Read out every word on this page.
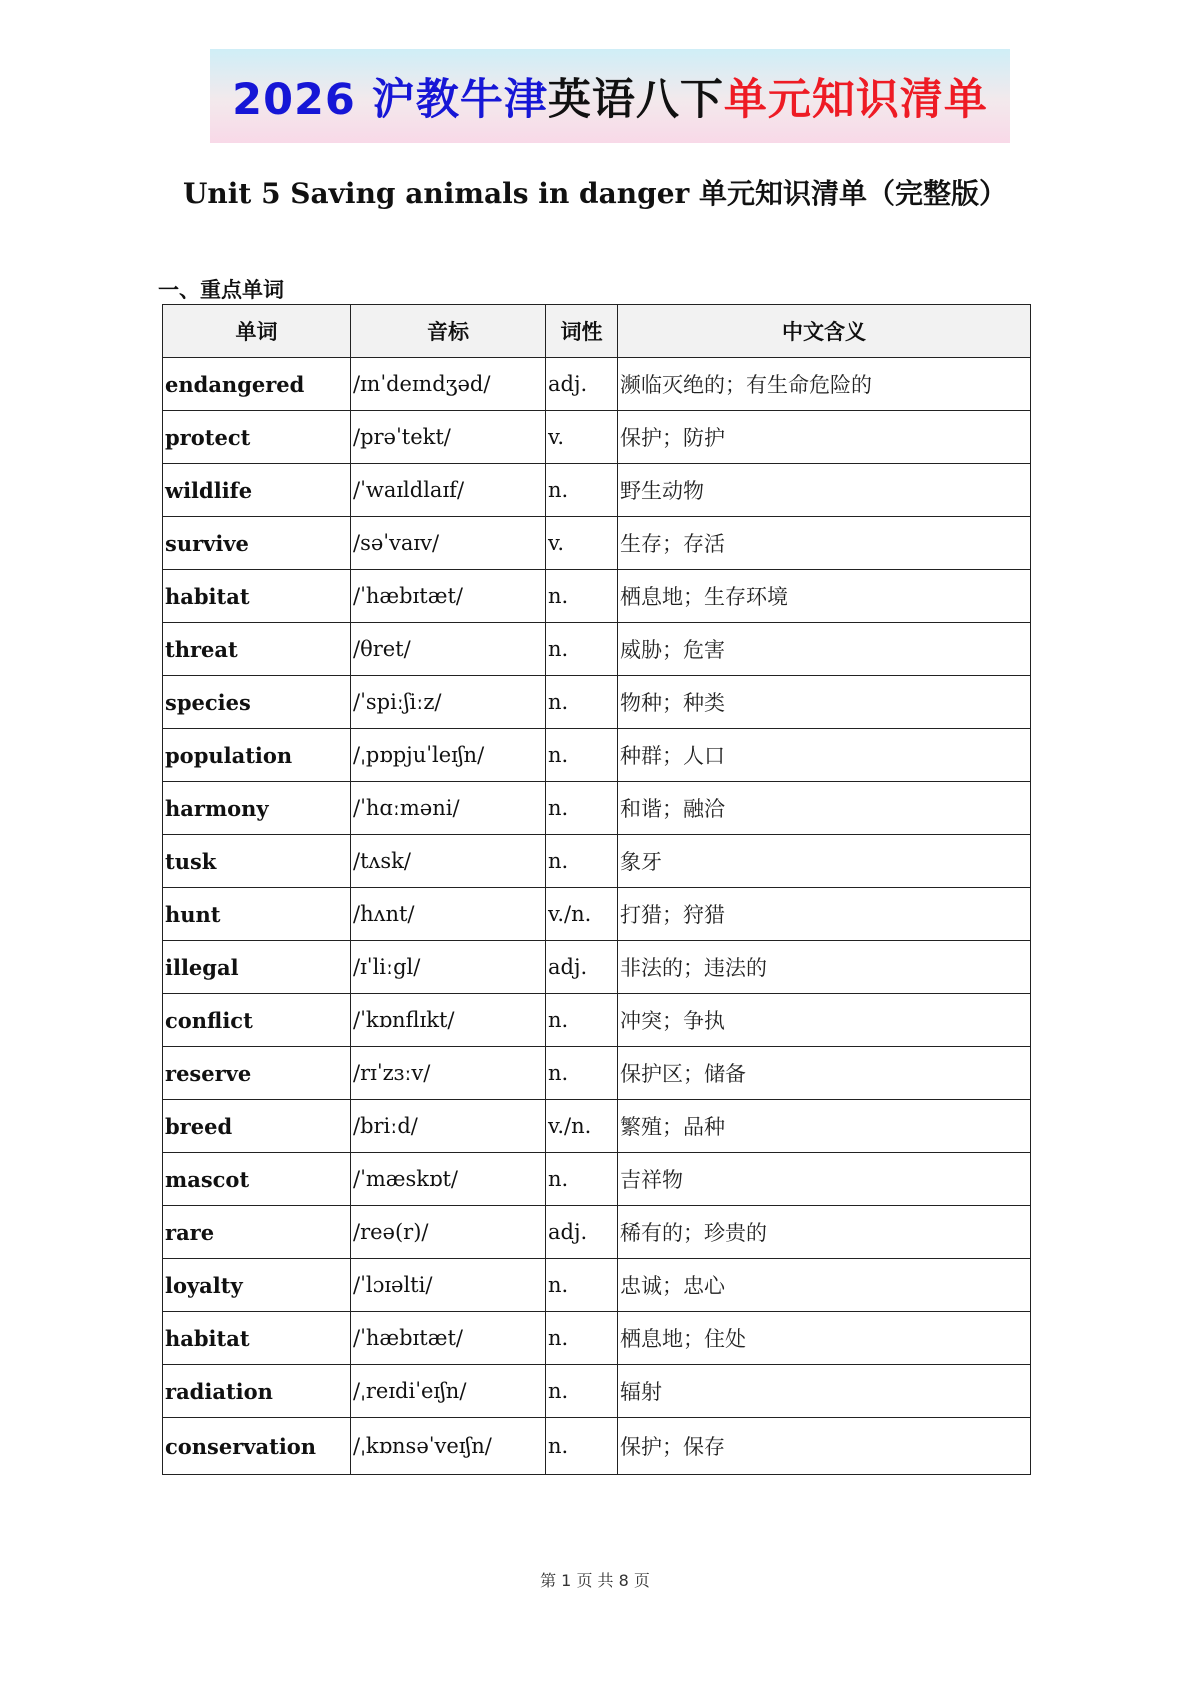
2026 沪教牛津 英语八下 单元知识清单
Unit 5 Saving animals in danger 单元知识清单（完整版）
一、重点单词
单词	音标	词性	中文含义
endangered	/ɪnˈdeɪndʒəd/	adj.	濒临灭绝的；有生命危险的
protect	/prəˈtekt/	v.	保护；防护
wildlife	/ˈwaɪldlaɪf/	n.	野生动物
survive	/səˈvaɪv/	v.	生存；存活
habitat	/ˈhæbɪtæt/	n.	栖息地；生存环境
threat	/θret/	n.	威胁；危害
species	/ˈspiːʃiːz/	n.	物种；种类
population	/ˌpɒpjuˈleɪʃn/	n.	种群；人口
harmony	/ˈhɑːməni/	n.	和谐；融洽
tusk	/tʌsk/	n.	象牙
hunt	/hʌnt/	v./n.	打猎；狩猎
illegal	/ɪˈliːgl/	adj.	非法的；违法的
conflict	/ˈkɒnflɪkt/	n.	冲突；争执
reserve	/rɪˈzɜːv/	n.	保护区；储备
breed	/briːd/	v./n.	繁殖；品种
mascot	/ˈmæskɒt/	n.	吉祥物
rare	/reə(r)/	adj.	稀有的；珍贵的
loyalty	/ˈlɔɪəlti/	n.	忠诚；忠心
habitat	/ˈhæbɪtæt/	n.	栖息地；住处
radiation	/ˌreɪdiˈeɪʃn/	n.	辐射
conservation	/ˌkɒnsəˈveɪʃn/	n.	保护；保存
第 1 页 共 8 页
